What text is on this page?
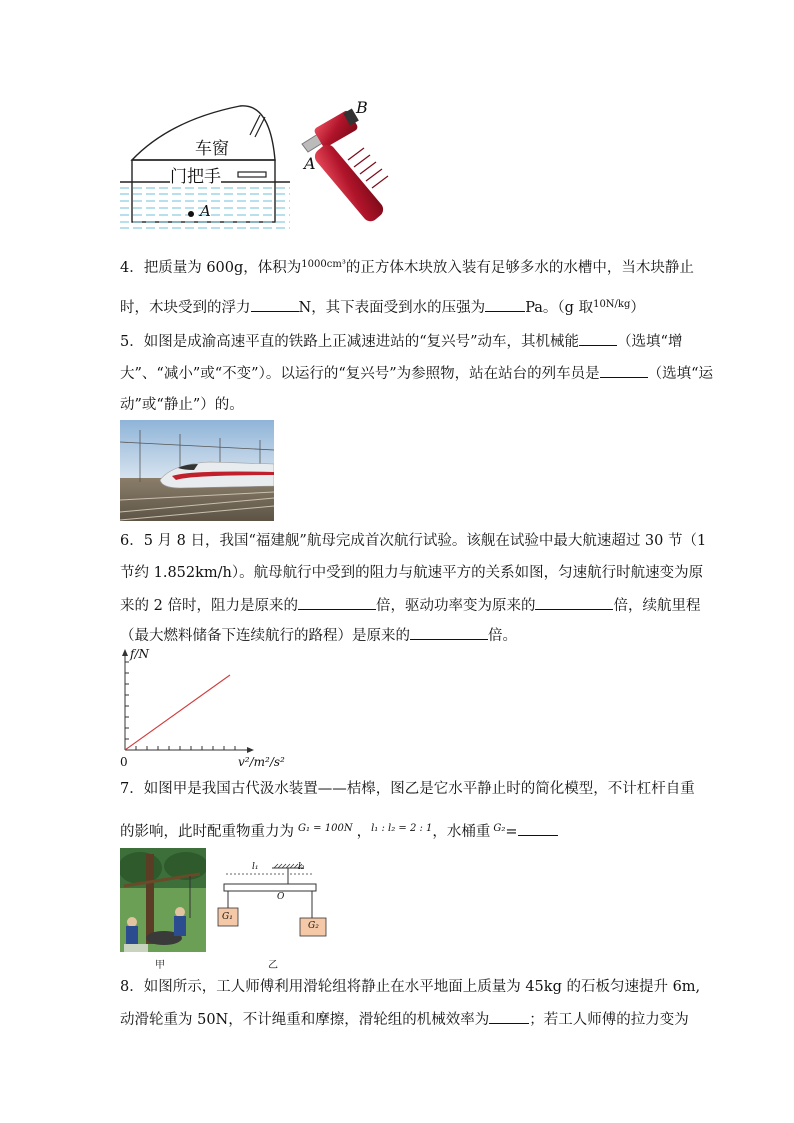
车窗
门把手
A
B
A
4．把质量为 600g，体积为$^{1000cm^3}$的正方体木块放入装有足够多水的水槽中，当木块静止
时，木块受到的浮力	N，其下表面受到水的压强为	Pa。（g 取$^{10N/kg}$）
5．如图是成渝高速平直的铁路上正减速进站的“复兴号”动车，其机械能	（选填“增
大”、“减小”或“不变”）。以运行的“复兴号”为参照物，站在站台的列车员是	（选填“运
动”或“静止”）的。
6．5 月 8 日，我国“福建舰”航母完成首次航行试验。该舰在试验中最大航速超过 30 节（1
节约 1.852km/h）。航母航行中受到的阻力与航速平方的关系如图，匀速航行时航速变为原
来的 2 倍时，阻力是原来的	倍，驱动功率变为原来的	倍，续航里程
（最大燃料储备下连续航行的路程）是原来的	倍。
f/N
v²/m²/s²
0
7．如图甲是我国古代汲水装置——桔槔，图乙是它水平静止时的简化模型，不计杠杆自重
的影响，此时配重物重力为 $^{G_1 = 100N}$ ，$^{l_1 : l_2 = 2 : 1}$，水桶重 $^{G_2}$=
甲
l₁	l₂
O
G₁
G₂
乙
8．如图所示，工人师傅利用滑轮组将静止在水平地面上质量为 45kg 的石板匀速提升 6m,
动滑轮重为 50N，不计绳重和摩擦，滑轮组的机械效率为	；若工人师傅的拉力变为
